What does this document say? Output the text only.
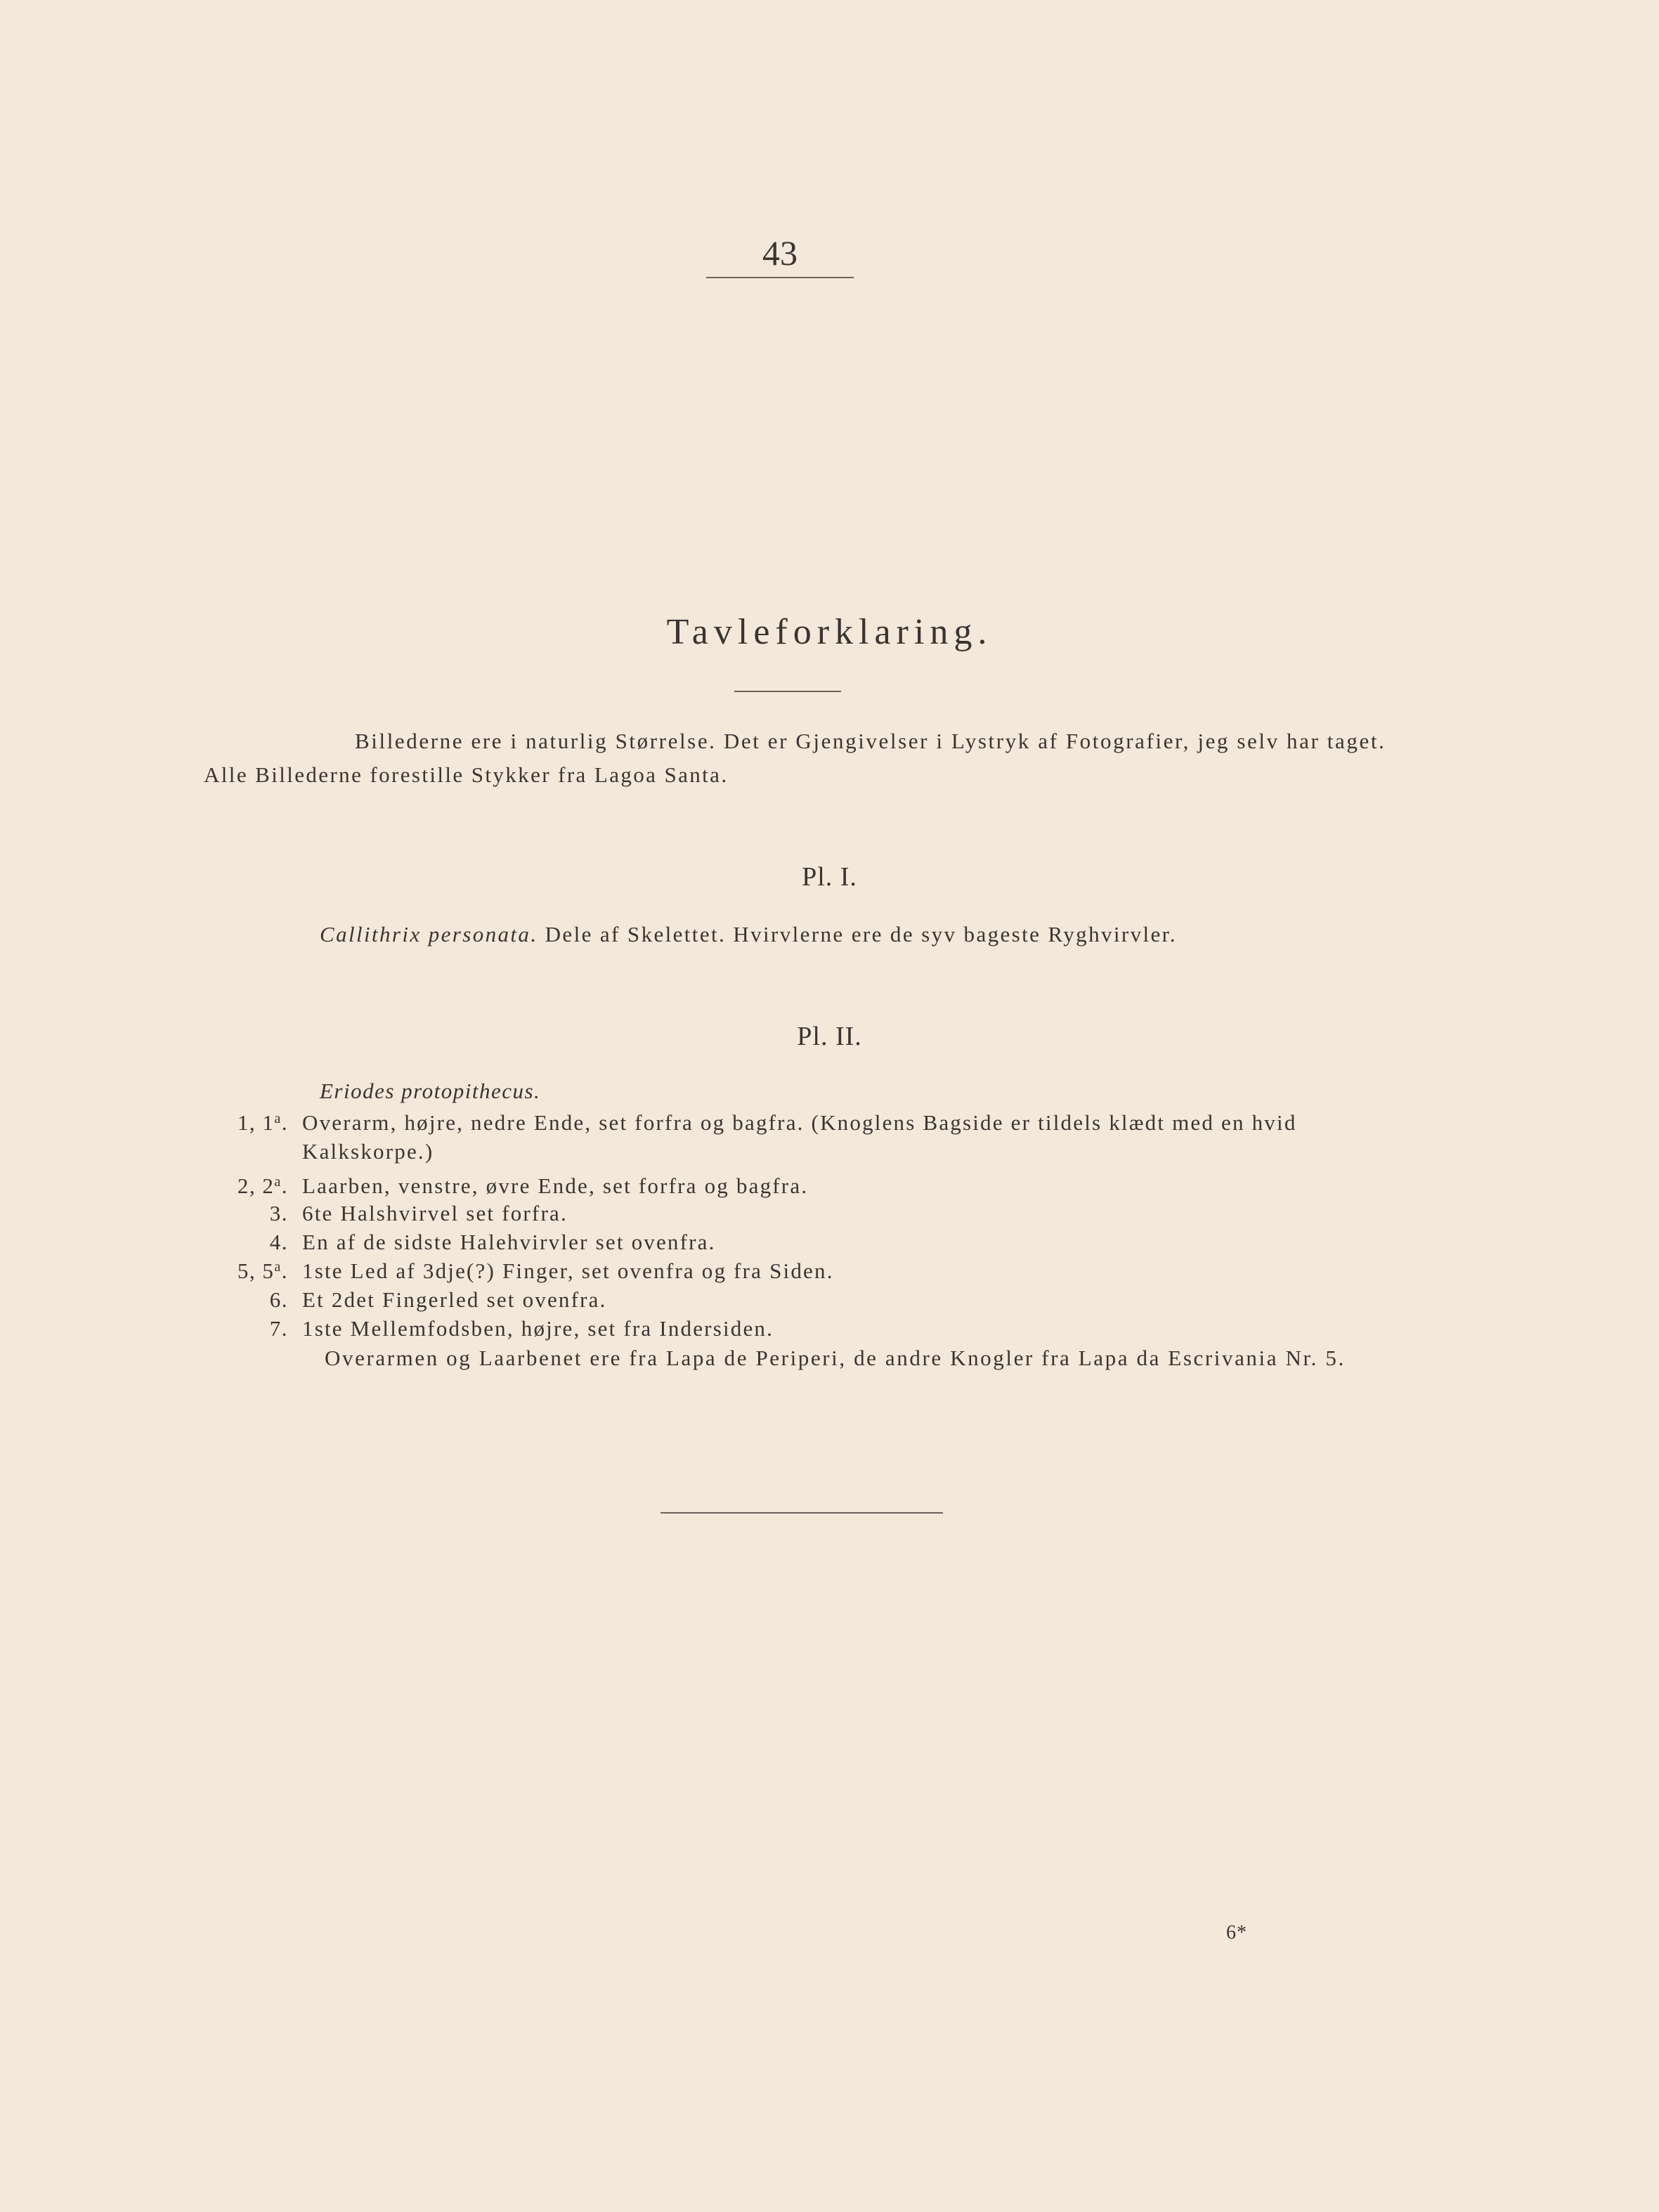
43
Tavleforklaring.
Billederne ere i naturlig Størrelse. Det er Gjengivelser i Lystryk af Fotografier, jeg selv har taget.
Alle Billederne forestille Stykker fra Lagoa Santa.
Pl. I.
Callithrix personata. Dele af Skelettet. Hvirvlerne ere de syv bageste Ryghvirvler.
Pl. II.
Eriodes protopithecus.
1, 1$^a$. Overarm, højre, nedre Ende, set forfra og bagfra. (Knoglens Bagside er tildels klædt med en hvid
Kalkskorpe.)
2, 2$^a$. Laarben, venstre, øvre Ende, set forfra og bagfra.
3. 6te Halshvirvel set forfra.
4. En af de sidste Halehvirvler set ovenfra.
5, 5$^a$. 1ste Led af 3dje(?) Finger, set ovenfra og fra Siden.
6. Et 2det Fingerled set ovenfra.
7. 1ste Mellemfodsben, højre, set fra Indersiden.
Overarmen og Laarbenet ere fra Lapa de Periperi, de andre Knogler fra Lapa da Escrivania Nr. 5.
6*
